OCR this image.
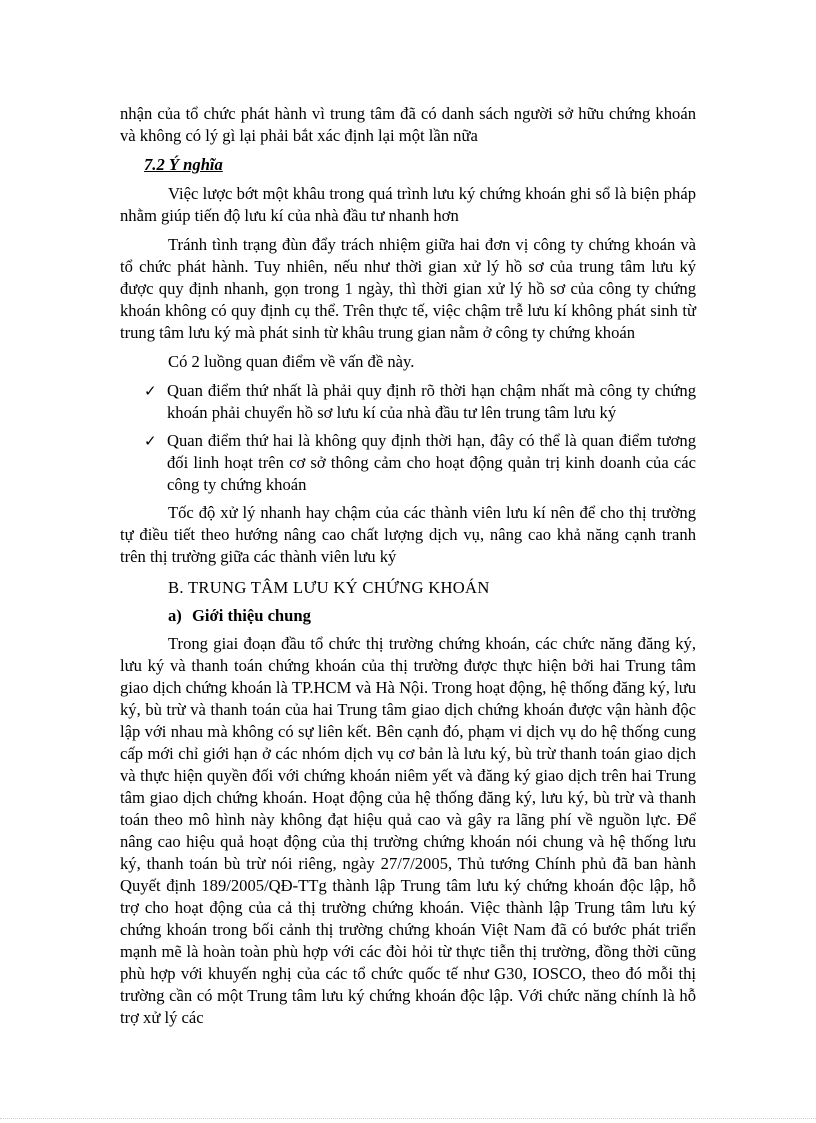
nhận của tổ chức phát hành vì trung tâm đã có danh sách người sở hữu chứng khoán và không có lý gì lại phải bắt xác định lại một lần nữa

7.2 Ý nghĩa

Việc lược bớt một khâu trong quá trình lưu ký chứng khoán ghi sổ là biện pháp nhằm giúp tiến độ lưu kí của nhà đầu tư nhanh hơn

Tránh tình trạng đùn đẩy trách nhiệm giữa hai đơn vị công ty chứng khoán và tổ chức phát hành. Tuy nhiên, nếu như thời gian xử lý hồ sơ của trung tâm lưu ký được quy định nhanh, gọn trong 1 ngày, thì thời gian xử lý hồ sơ của công ty chứng khoán không có quy định cụ thể. Trên thực tế, việc chậm trễ lưu kí không phát sinh từ trung tâm lưu ký mà phát sinh từ khâu trung gian nằm ở công ty chứng khoán

Có 2 luồng quan điểm về vấn đề này.

✓ Quan điểm thứ nhất là phải quy định rõ thời hạn chậm nhất mà công ty chứng khoán phải chuyển hồ sơ lưu kí của nhà đầu tư lên trung tâm lưu ký
✓ Quan điểm thứ hai là không quy định thời hạn, đây có thể là quan điểm tương đối linh hoạt trên cơ sở thông cảm cho hoạt động quản trị kinh doanh của các công ty chứng khoán

Tốc độ xử lý nhanh hay chậm của các thành viên lưu kí nên để cho thị trường tự điều tiết theo hướng nâng cao chất lượng dịch vụ, nâng cao khả năng cạnh tranh trên thị trường giữa các thành viên lưu ký

B. TRUNG TÂM LƯU KÝ CHỨNG KHOÁN

a) Giới thiệu chung

Trong giai đoạn đầu tổ chức thị trường chứng khoán, các chức năng đăng ký, lưu ký và thanh toán chứng khoán của thị trường được thực hiện bởi hai Trung tâm giao dịch chứng khoán là TP.HCM và Hà Nội. Trong hoạt động, hệ thống đăng ký, lưu ký, bù trừ và thanh toán của hai Trung tâm giao dịch chứng khoán được vận hành độc lập với nhau mà không có sự liên kết. Bên cạnh đó, phạm vi dịch vụ do hệ thống cung cấp mới chỉ giới hạn ở các nhóm dịch vụ cơ bản là lưu ký, bù trừ thanh toán giao dịch và thực hiện quyền đối với chứng khoán niêm yết và đăng ký giao dịch trên hai Trung tâm giao dịch chứng khoán. Hoạt động của hệ thống đăng ký, lưu ký, bù trừ và thanh toán theo mô hình này không đạt hiệu quả cao và gây ra lãng phí về nguồn lực. Để nâng cao hiệu quả hoạt động của thị trường chứng khoán nói chung và hệ thống lưu ký, thanh toán bù trừ nói riêng, ngày 27/7/2005, Thủ tướng Chính phủ đã ban hành Quyết định 189/2005/QĐ-TTg thành lập Trung tâm lưu ký chứng khoán độc lập, hỗ trợ cho hoạt động của cả thị trường chứng khoán. Việc thành lập Trung tâm lưu ký chứng khoán trong bối cảnh thị trường chứng khoán Việt Nam đã có bước phát triển mạnh mẽ là hoàn toàn phù hợp với các đòi hỏi từ thực tiễn thị trường, đồng thời cũng phù hợp với khuyến nghị của các tổ chức quốc tế như G30, IOSCO, theo đó mỗi thị trường cần có một Trung tâm lưu ký chứng khoán độc lập. Với chức năng chính là hỗ trợ xử lý các
